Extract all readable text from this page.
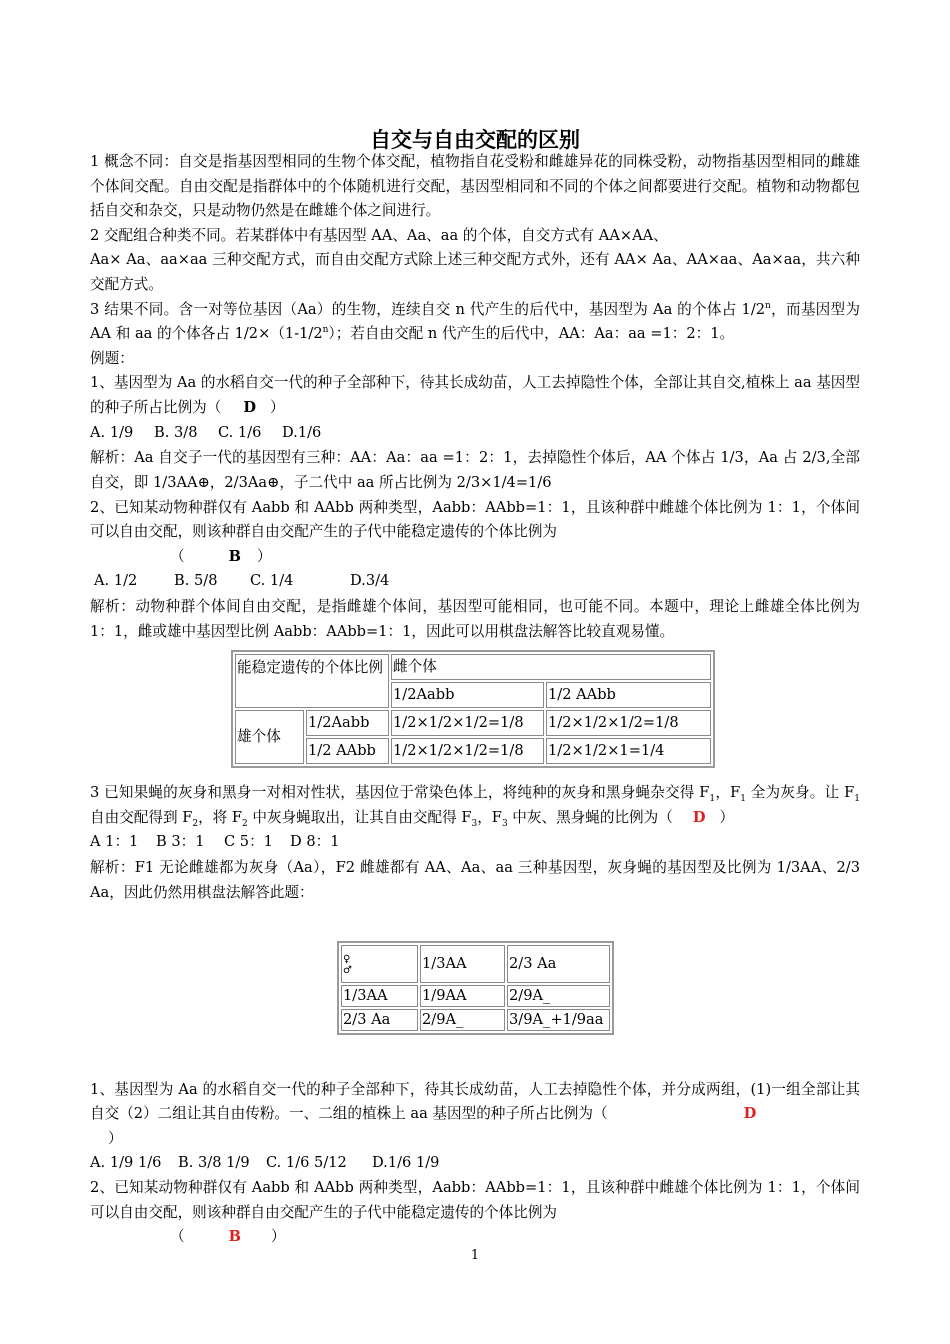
自交与自由交配的区别

1 概念不同：自交是指基因型相同的生物个体交配，植物指自花受粉和雌雄异花的同株受粉，动物指基因型相同的雌雄个体间交配。自由交配是指群体中的个体随机进行交配，基因型相同和不同的个体之间都要进行交配。植物和动物都包括自交和杂交，只是动物仍然是在雌雄个体之间进行。

2 交配组合种类不同。若某群体中有基因型 AA、Aa、aa 的个体，自交方式有 AA×AA、

Aa× Aa、aa×aa 三种交配方式，而自由交配方式除上述三种交配方式外，还有 AA× Aa、AA×aa、Aa×aa，共六种交配方式。

3 结果不同。含一对等位基因（Aa）的生物，连续自交 n 代产生的后代中，基因型为 Aa 的个体占 1/2$^n$，而基因型为 AA 和 aa 的个体各占 $1/2\times(1-1/2^n)$；若自由交配 n 代产生的后代中，AA：Aa：aa =1：2：1。

例题：

1、基因型为 Aa 的水稻自交一代的种子全部种下，待其长成幼苗，人工去掉隐性个体，全部让其自交,植株上 aa 基因型的种子所占比例为（ D ）

A. 1/9 B. 3/8 C. 1/6 D.1/6

解析：Aa 自交子一代的基因型有三种：AA：Aa：aa =1：2：1，去掉隐性个体后，AA 个体占 1/3，Aa 占 2/3,全部自交，即 1/3AA⊕，2/3Aa⊕，子二代中 aa 所占比例为 2/3×1/4=1/6

2、已知某动物种群仅有 Aabb 和 AAbb 两种类型，Aabb：AAbb=1：1，且该种群中雌雄个体比例为 1：1，个体间可以自由交配，则该种群自由交配产生的子代中能稳定遗传的个体比例为

（	B ）

A. 1/2	B. 5/8 C. 1/4	D.3/4

解析：动物种群个体间自由交配，是指雌雄个体间，基因型可能相同，也可能不同。本题中，理论上雌雄全体比例为 1：1，雌或雄中基因型比例 Aabb：AAbb=1：1，因此可以用棋盘法解答比较直观易懂。

能稳定遗传的个体比例		雌个体	
		1/2Aabb	1/2 AAbb
雄个体	1/2Aabb	1/2×1/2×1/2=1/8	1/2×1/2×1/2=1/8
	1/2 AAbb	1/2×1/2×1/2=1/8	1/2×1/2×1=1/4

3 已知果蝇的灰身和黑身一对相对性状，基因位于常染色体上，将纯种的灰身和黑身蝇杂交得 $F_1$，$F_1$ 全为灰身。让 $F_1$ 自由交配得到 $F_2$，将 $F_2$ 中灰身蝇取出，让其自由交配得 $F_3$，$F_3$ 中灰、黑身蝇的比例为（ D ）

A 1：1 B 3：1 C 5：1 D 8：1

解析：F1 无论雌雄都为灰身（Aa），F2 雌雄都有 AA、Aa、aa 三种基因型，灰身蝇的基因型及比例为 1/3AA、2/3 Aa，因此仍然用棋盘法解答此题：

♀
♂	1/3AA	2/3 Aa
1/3AA	1/9AA	2/9A_
2/3 Aa	2/9A_	3/9A_+1/9aa

1、基因型为 Aa 的水稻自交一代的种子全部种下，待其长成幼苗，人工去掉隐性个体，并分成两组，(1)一组全部让其自交（2）二组让其自由传粉。一、二组的植株上 aa 基因型的种子所占比例为（	D
）

A. 1/9 1/6 B. 3/8 1/9 C. 1/6 5/12 D.1/6 1/9

2、已知某动物种群仅有 Aabb 和 AAbb 两种类型，Aabb：AAbb=1：1，且该种群中雌雄个体比例为 1：1，个体间可以自由交配，则该种群自由交配产生的子代中能稳定遗传的个体比例为

（	B ）

1
